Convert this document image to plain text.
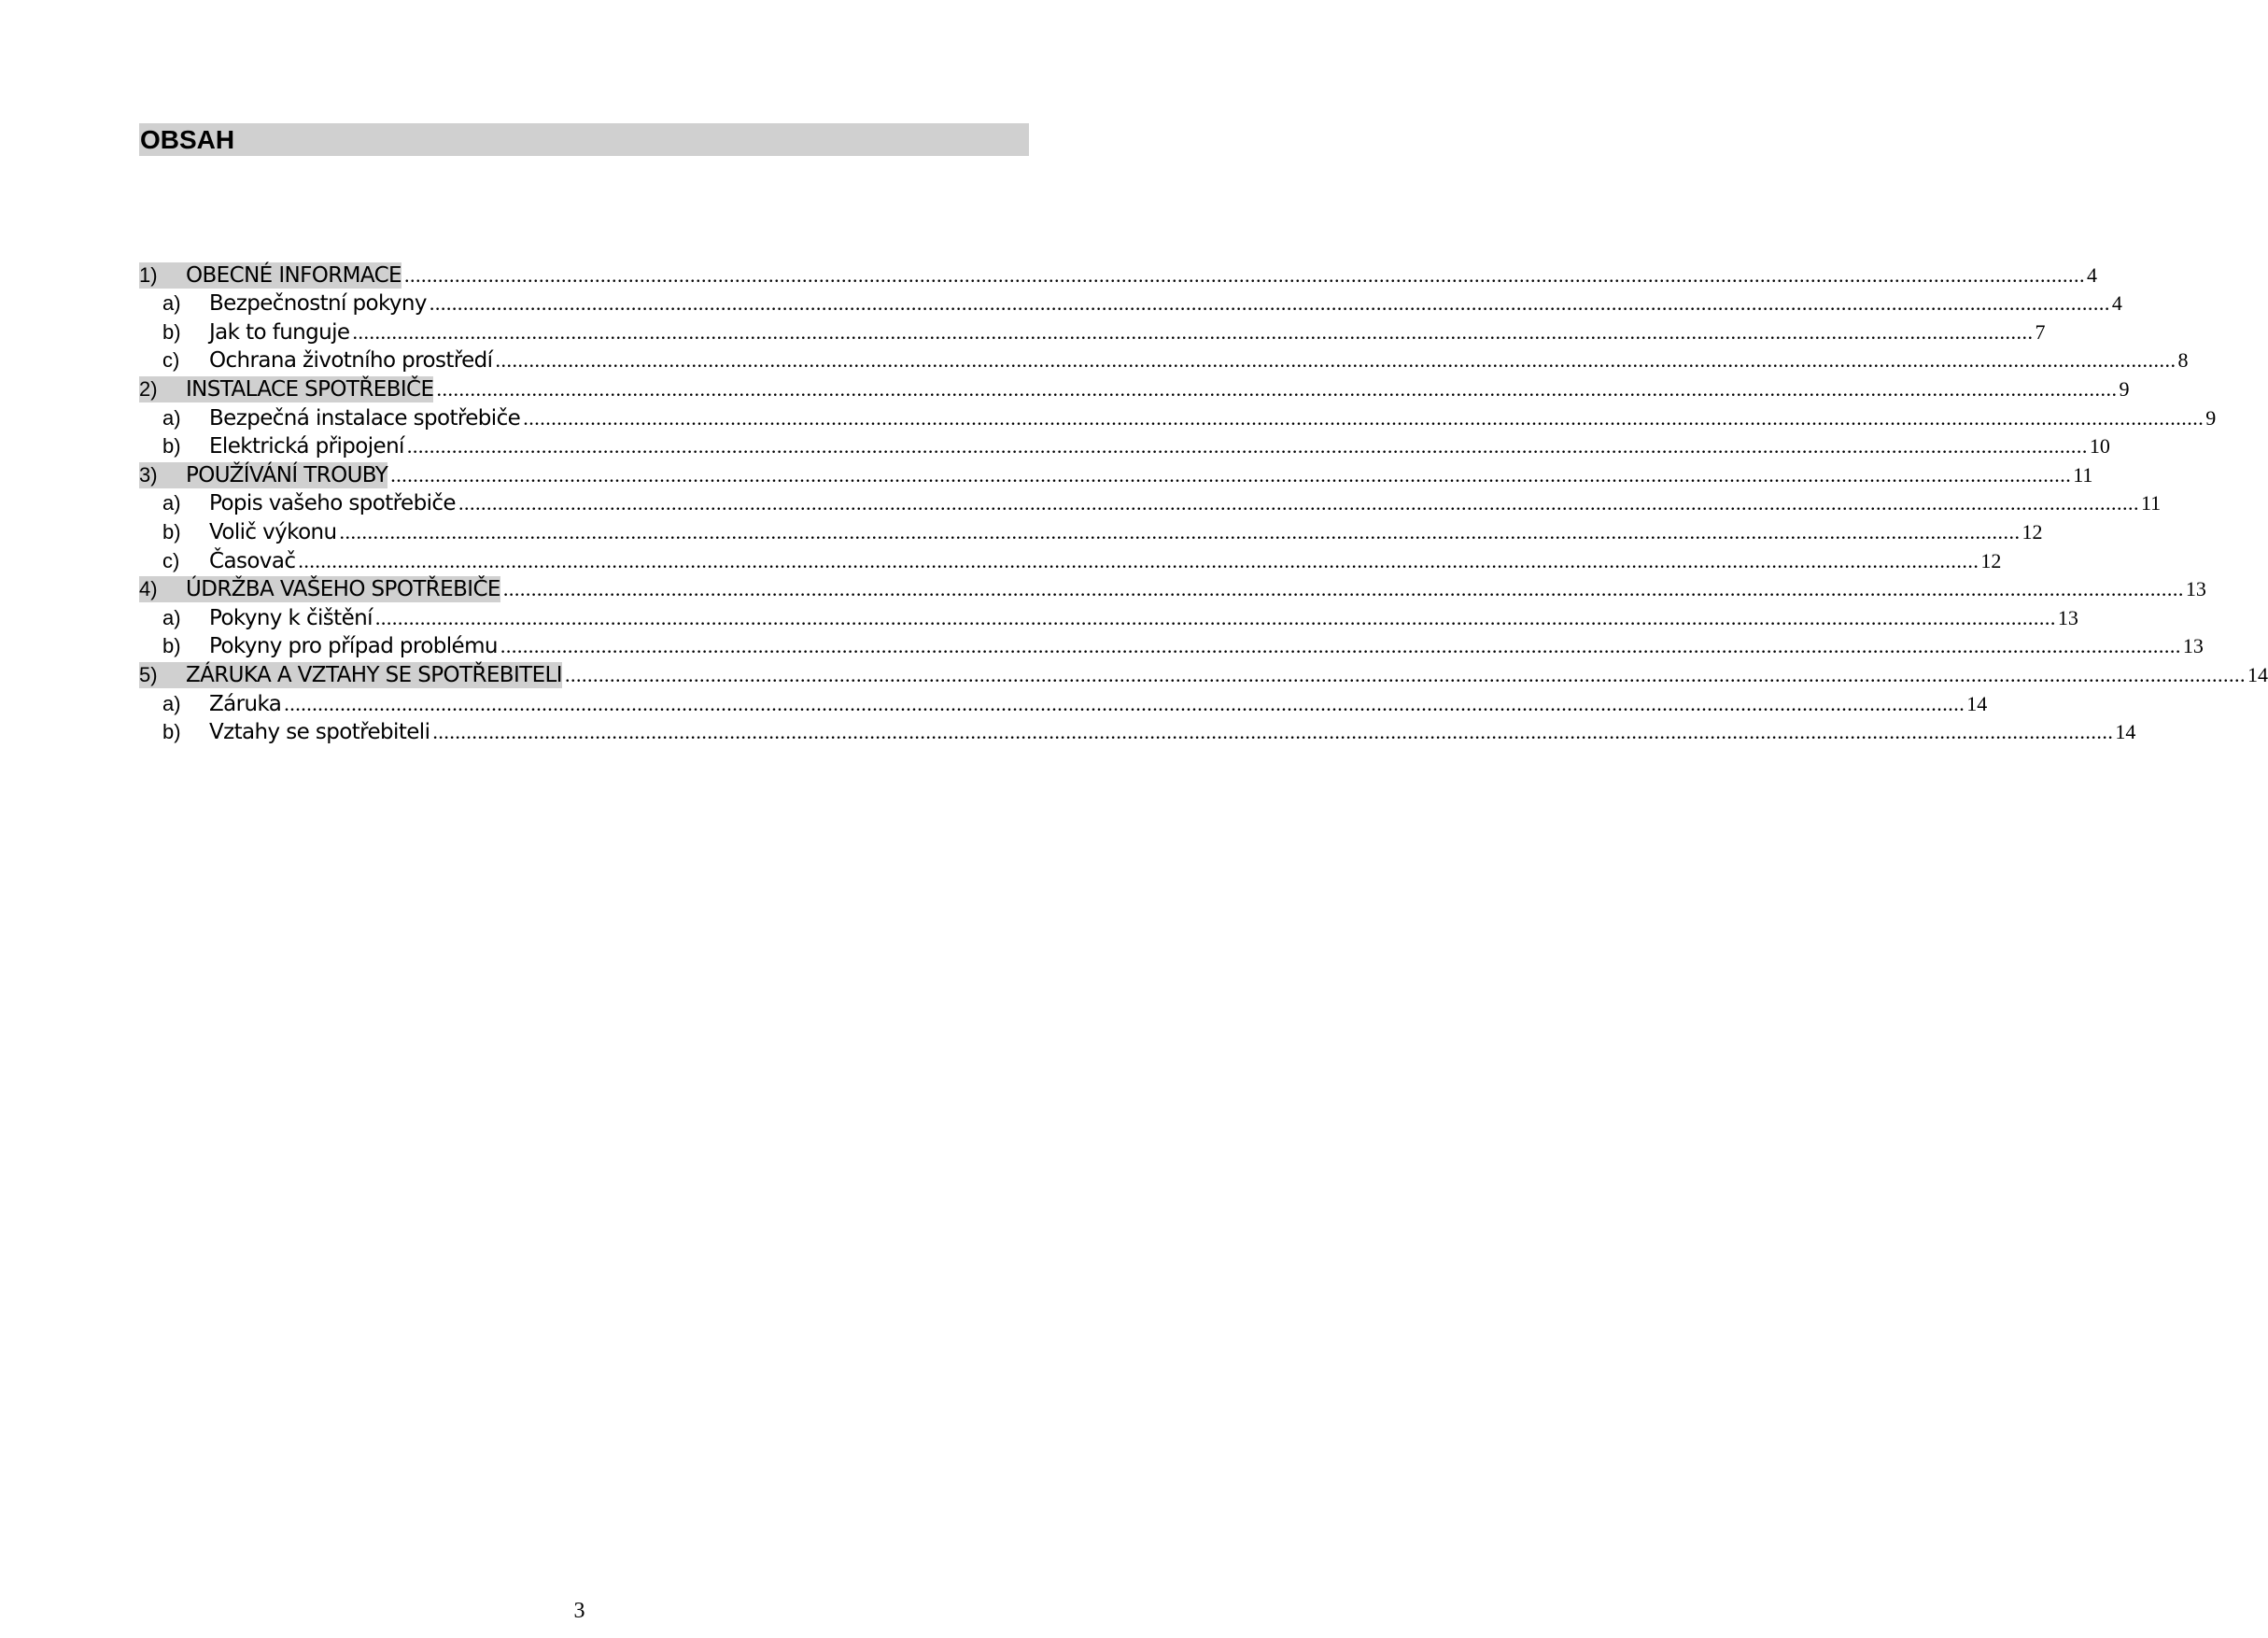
OBSAH
1)	OBECNÉ INFORMACE ............................................................................................................................................................................................................................................................................................................ 4
a)	Bezpečnostní pokyny ............................................................................................................................................................................................................................................................................................................ 4
b)	Jak to funguje ............................................................................................................................................................................................................................................................................................................ 7
c)	Ochrana životního prostředí ............................................................................................................................................................................................................................................................................................................ 8
2)	INSTALACE SPOTŘEBIČE ............................................................................................................................................................................................................................................................................................................ 9
a)	Bezpečná instalace spotřebiče ............................................................................................................................................................................................................................................................................................................ 9
b)	Elektrická připojení ............................................................................................................................................................................................................................................................................................................ 10
3)	POUŽÍVÁNÍ TROUBY ............................................................................................................................................................................................................................................................................................................ 11
a)	Popis vašeho spotřebiče ............................................................................................................................................................................................................................................................................................................ 11
b)	Volič výkonu ............................................................................................................................................................................................................................................................................................................ 12
c)	Časovač ............................................................................................................................................................................................................................................................................................................ 12
4)	ÚDRŽBA VAŠEHO SPOTŘEBIČE ............................................................................................................................................................................................................................................................................................................ 13
a)	Pokyny k čištění ............................................................................................................................................................................................................................................................................................................ 13
b)	Pokyny pro případ problému ............................................................................................................................................................................................................................................................................................................ 13
5)	ZÁRUKA A VZTAHY SE SPOTŘEBITELI ............................................................................................................................................................................................................................................................................................................ 14
a)	Záruka ............................................................................................................................................................................................................................................................................................................ 14
b)	Vztahy se spotřebiteli ............................................................................................................................................................................................................................................................................................................ 14
3
